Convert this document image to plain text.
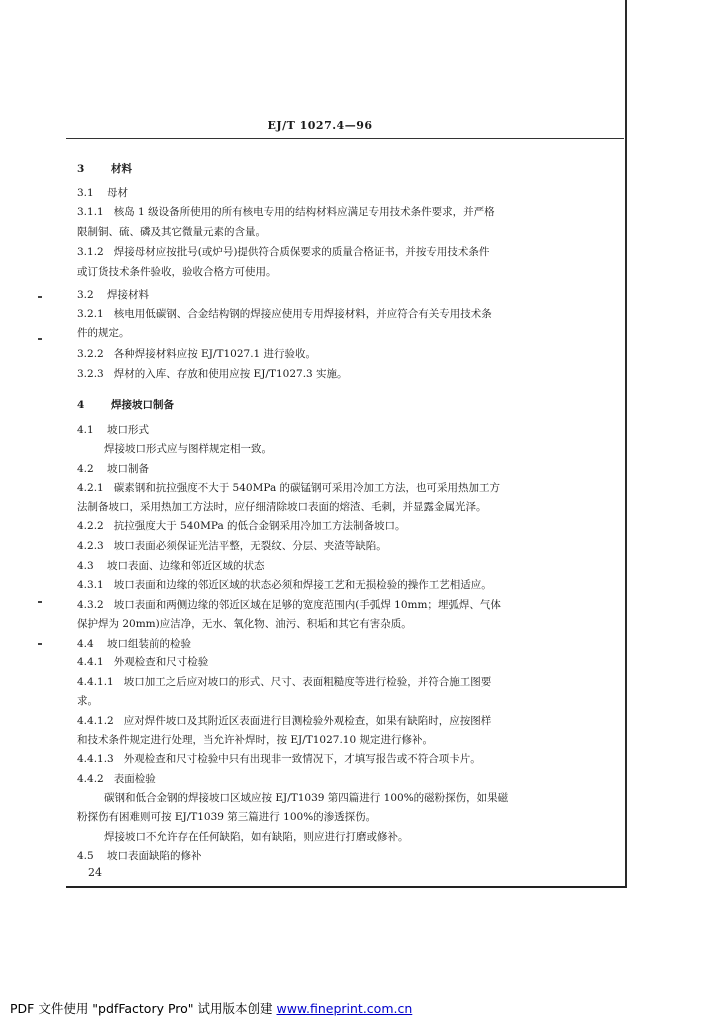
EJ/T 1027.4—96
3	材料
3.1 母材
3.1.1 核岛 1 级设备所使用的所有核电专用的结构材料应满足专用技术条件要求，并严格
限制铜、硫、磷及其它微量元素的含量。
3.1.2 焊接母材应按批号(或炉号)提供符合质保要求的质量合格证书，并按专用技术条件
或订货技术条件验收，验收合格方可使用。
3.2 焊接材料
3.2.1 核电用低碳钢、合金结构钢的焊接应使用专用焊接材料，并应符合有关专用技术条
件的规定。
3.2.2 各种焊接材料应按 EJ/T1027.1 进行验收。
3.2.3 焊材的入库、存放和使用应按 EJ/T1027.3 实施。
4	焊接坡口制备
4.1 坡口形式
焊接坡口形式应与图样规定相一致。
4.2 坡口制备
4.2.1 碳素钢和抗拉强度不大于 540MPa 的碳锰钢可采用冷加工方法，也可采用热加工方
法制备坡口，采用热加工方法时，应仔细清除坡口表面的熔渣、毛刺，并显露金属光泽。
4.2.2 抗拉强度大于 540MPa 的低合金钢采用冷加工方法制备坡口。
4.2.3 坡口表面必须保证光洁平整，无裂纹、分层、夹渣等缺陷。
4.3 坡口表面、边缘和邻近区域的状态
4.3.1 坡口表面和边缘的邻近区域的状态必须和焊接工艺和无损检验的操作工艺相适应。
4.3.2 坡口表面和两侧边缘的邻近区域在足够的宽度范围内(手弧焊 10mm；埋弧焊、气体
保护焊为 20mm)应洁净，无水、氧化物、油污、积垢和其它有害杂质。
4.4 坡口组装前的检验
4.4.1 外观检查和尺寸检验
4.4.1.1 坡口加工之后应对坡口的形式、尺寸、表面粗糙度等进行检验，并符合施工图要
求。
4.4.1.2 应对焊件坡口及其附近区表面进行目测检验外观检查，如果有缺陷时，应按图样
和技术条件规定进行处理，当允许补焊时，按 EJ/T1027.10 规定进行修补。
4.4.1.3 外观检查和尺寸检验中只有出现非一致情况下，才填写报告或不符合项卡片。
4.4.2 表面检验
碳钢和低合金钢的焊接坡口区域应按 EJ/T1039 第四篇进行 100%的磁粉探伤，如果磁
粉探伤有困难则可按 EJ/T1039 第三篇进行 100%的渗透探伤。
焊接坡口不允许存在任何缺陷，如有缺陷，则应进行打磨或修补。
4.5 坡口表面缺陷的修补
24
PDF 文件使用 "pdfFactory Pro" 试用版本创建 www.fineprint.com.cn
